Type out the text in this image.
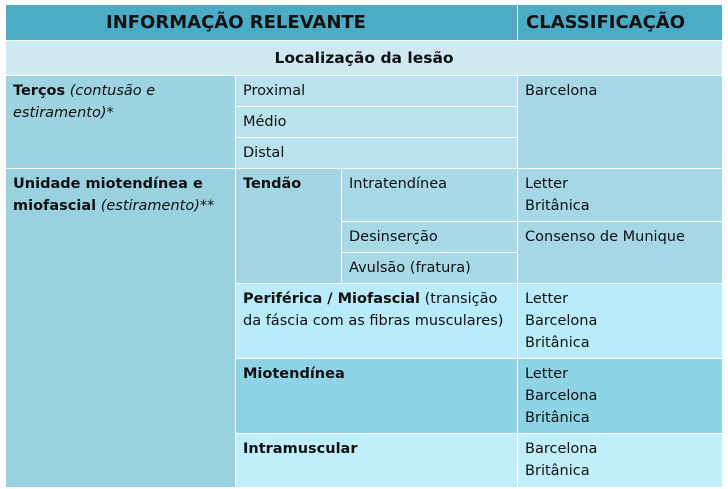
INFORMAÇÃO RELEVANTE			CLASSIFICAÇÃO
Localização da lesão			
Terços (contusão e estiramento)*	Proximal		Barcelona

	Médio		
	Distal		
Unidade miotendínea e miofascial (estiramento)**	Tendão	Intratendínea	Letter
Britânica

		Desinserção	Consenso de Munique

		Avulsão (fratura)	
	Periférica / Miofascial (transição da fáscia com as fibras musculares)		Letter
Barcelona
Britânica

	Miotendínea		Letter
Barcelona
Britânica

	Intramuscular		Barcelona
Britânica
